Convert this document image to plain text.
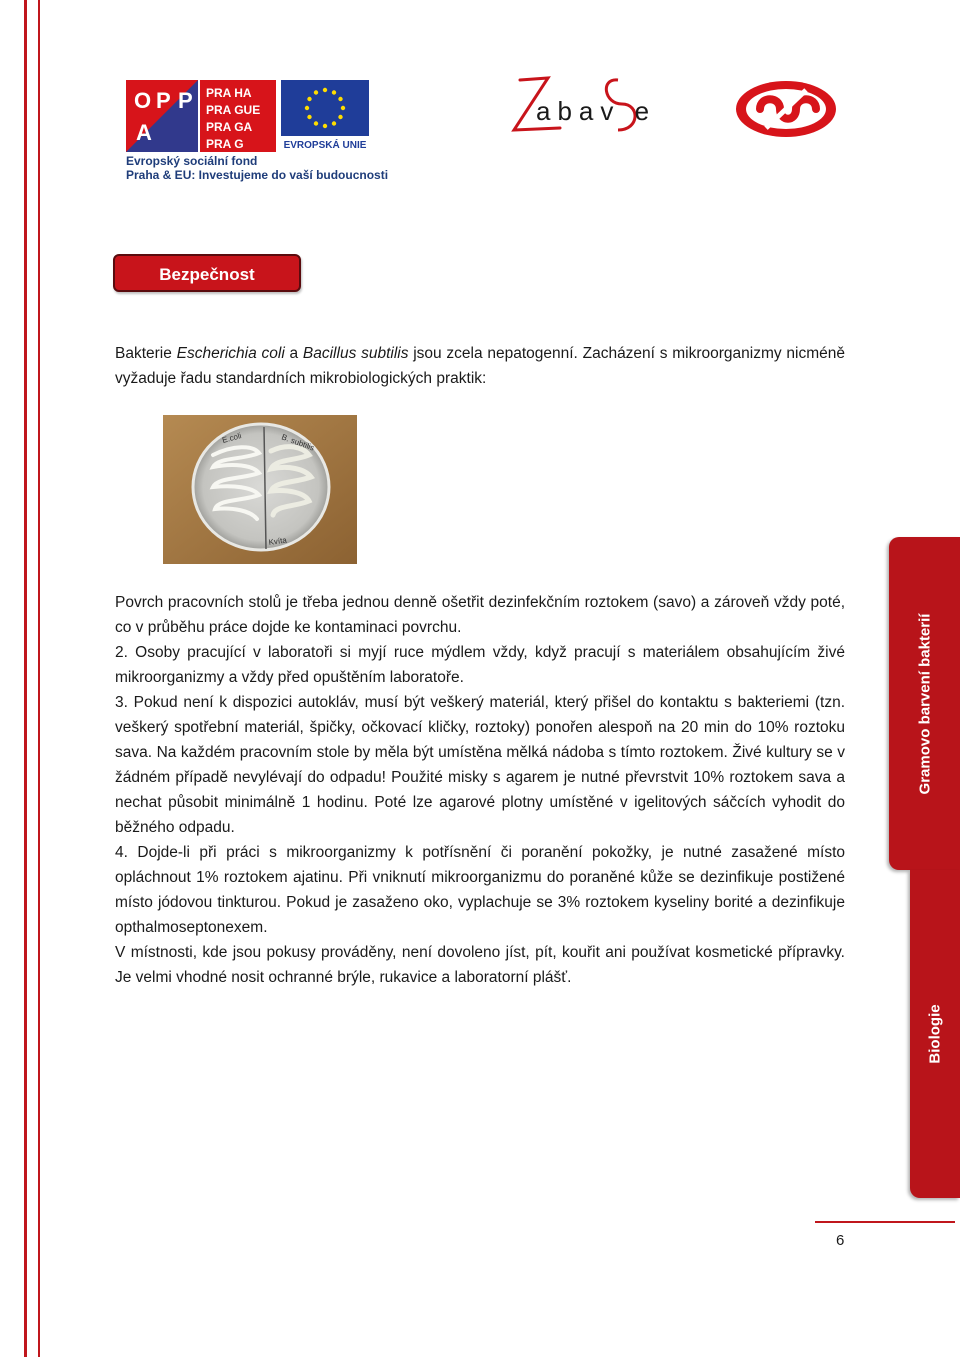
O P P
A
PRA HA
PRA GUE
PRA GA
PRA G	EVROPSKÁ UNIE
Evropský sociální fond
Praha & EU: Investujeme do vaší budoucnosti
abav e
Bezpečnost
Bakterie Escherichia coli a Bacillus subtilis jsou zcela nepatogenní. Zacházení s mikroorganizmy nicméně vyžaduje řadu standardních mikrobiologických praktik:
E.coli	B. subtilis
Kvíta

Povrch pracovních stolů je třeba jednou denně ošetřit dezinfekčním roztokem (savo) a zároveň vždy poté, co v průběhu práce dojde ke kontaminaci povrchu.

2. Osoby pracující v laboratoři si myjí ruce mýdlem vždy, když pracují s materiálem obsahujícím živé mikroorganizmy a vždy před opuštěním laboratoře.

3. Pokud není k dispozici autokláv, musí být veškerý materiál, který přišel do kontaktu s bakteriemi (tzn. veškerý spotřební materiál, špičky, očkovací kličky, roztoky) ponořen alespoň na 20 min do 10% roztoku sava. Na každém pracovním stole by měla být umístěna mělká nádoba s tímto roztokem. Živé kultury se v žádném případě nevylévají do odpadu! Použité misky s agarem je nutné převrstvit 10% roztokem sava a nechat působit minimálně 1 hodinu. Poté lze agarové plotny umístěné v igelitových sáčcích vyhodit do běžného odpadu.

4. Dojde-li při práci s mikroorganizmy k potřísnění či poranění pokožky, je nutné zasažené místo opláchnout 1% roztokem ajatinu. Při vniknutí mikroorganizmu do poraněné kůže se dezinfikuje postižené místo jódovou tinkturou. Pokud je zasaženo oko, vyplachuje se 3% roztokem kyseliny borité a dezinfikuje opthalmoseptonexem.

V místnosti, kde jsou pokusy prováděny, není dovoleno jíst, pít, kouřit ani používat kosmetické přípravky. Je velmi vhodné nosit ochranné brýle, rukavice a laboratorní plášť.

Gramovo barvení bakterií
Biologie
6
